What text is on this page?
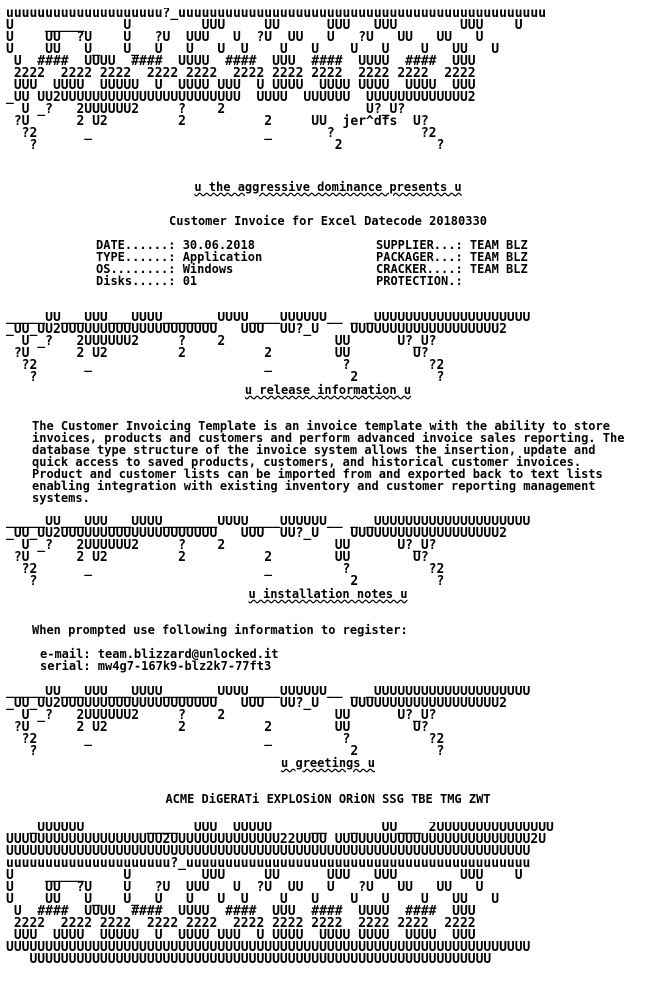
uuuuuuuuuuuuuuuuuuuu?_uuuuuuuuuuuuuuuuuuuuuuuuuuuuuuuuuuuuuuuuuuuuuuu
U    _____     U         UUU     UU      UUU   UUU        UUU    U
U    UU  ?U    U   ?U  UUU   U  ?U  UU   U   ?U   UU   UU   U
U    UU   U_   U_  U   U   U  U    U   U    U   U    U   UU   U
U  ####  UUUU  ####  UUUU  ####  UUU  ####  UUUU  ####  UUU
2222  2222 2222  2222 2222  2222 2222 2222  2222 2222  2222
UUU  UUUU  UUUUU  U  UUUU UUU  U UUUU  UUUU UUUU  UUUU  UUU
_UU UU2UUUUUUUUUUUUUUUUUUUUUUU  UUUU  UUUUUU  UUUUUUUUUUUUU2
U _?   2UUUUUU2     ?    2                  U?_U?
?U      2 U2         2          2     UU  jer^dfs  U?
?2      _                      _       ?           ?2
?                                      2            ?
u the aggressive dominance presents u
Customer Invoice for Excel Datecode 20180330
DATE......: 30.06.2018
TYPE......: Application
OS........: Windows
Disks.....: 01
SUPPLIER...: TEAM BLZ
PACKAGER...: TEAM BLZ
CRACKER....: TEAM BLZ
PROTECTION.:
_____UU___UUU___UUUU_______UUUU____UUUUUU__ _ _UUUUUUUUUUUUUUUUUUUU
_UU_UU2UUUUUUUUUUUUUUUUUUUU   UUU  UU?_U    UUUUUUUUUUUUUUUUUUU2
U _?   2UUUUUU2     ?    2              UU      U?_U?
?U      2 U2         2          2        UU        U?
?2      _                      _         ?          ?2
?                                        2          ?
u release information u

The Customer Invoicing Template is an invoice template with the ability to store invoices, products and customers and perform advanced invoice sales reporting. The database type structure of the invoice system allows the insertion, update and quick access to saved products, customers, and historical customer invoices. Product and customer lists can be imported from and exported back to text lists enabling integration with existing inventory and customer reporting management systems.

_____UU___UUU___UUUU_______UUUU____UUUUUU__ _ _UUUUUUUUUUUUUUUUUUUU
_UU_UU2UUUUUUUUUUUUUUUUUUUU   UUU  UU?_U    UUUUUUUUUUUUUUUUUUU2
U _?   2UUUUUU2     ?    2              UU      U?_U?
?U      2 U2         2          2        UU        U?
?2      _                      _         ?          ?2
?                                        2          ?
u installation notes u

When prompted use following information to register:

e-mail: team.blizzard@unlocked.it
serial: mw4g7-167k9-blz2k7-77ft3
_____UU___UUU___UUUU_______UUUU____UUUUUU__ _ _UUUUUUUUUUUUUUUUUUUU
_UU_UU2UUUUUUUUUUUUUUUUUUUU   UUU  UU?_U    UUUUUUUUUUUUUUUUUUU2
U _?   2UUUUUU2     ?    2              UU      U?_U?
?U      2 U2         2          2        UU        U?
?2      _                      _         ?          ?2
?                                        2          ?
u greetings u
ACME DiGERATi EXPLOSiON ORiON SSG TBE TMG ZWT
_UUUUUU        ____  UUU  UUUUU     __   _   UU___ 2UUUUUUUUUUUUUUU
UUUUUUUUUUUUUUUUUUUU2UUUUUUUUUUUUUU22UUUU UUUUUUUUUUUUUUUUUUUUUUUUU2U
UUUUUUUUUUUUUUUUUUUUUUUUUUUUUUUUUUUUUUUUUUUUUUUUUUUUUUUUUUUUUUUUUUU
uuuuuuuuuuuuuuuuuuuuu?_uuuuuuuuuuuuuuuuuuuuuuuuuuuuuuuuuuuuuuuuuuuu
U    _____     U         UUU     UU      UUU   UUU        UUU    U
U    UU  ?U    U   ?U  UUU   U  ?U  UU   U   ?U   UU   UU   U
U    UU   U_   U_  U   U   U  U    U   U    U   U    U   UU   U
U  ####  UUUU  ####  UUUU  ####  UUU  ####  UUUU  ####  UUU
2222  2222 2222  2222 2222  2222 2222 2222  2222 2222  2222
UUU  UUUU  UUUUU  U  UUUU UUU  U UUUU  UUUU UUUU  UUUU  UUU
UUUUUUUUUUUUUUUUUUUUUUUUUUUUUUUUUUUUUUUUUUUUUUUUUUUUUUUUUUUUUUUUUUU
UUUUUUUUUUUUUUUUUUUUUUUUUUUUUUUUUUUUUUUUUUUUUUUUUUUUUUUUUUU
